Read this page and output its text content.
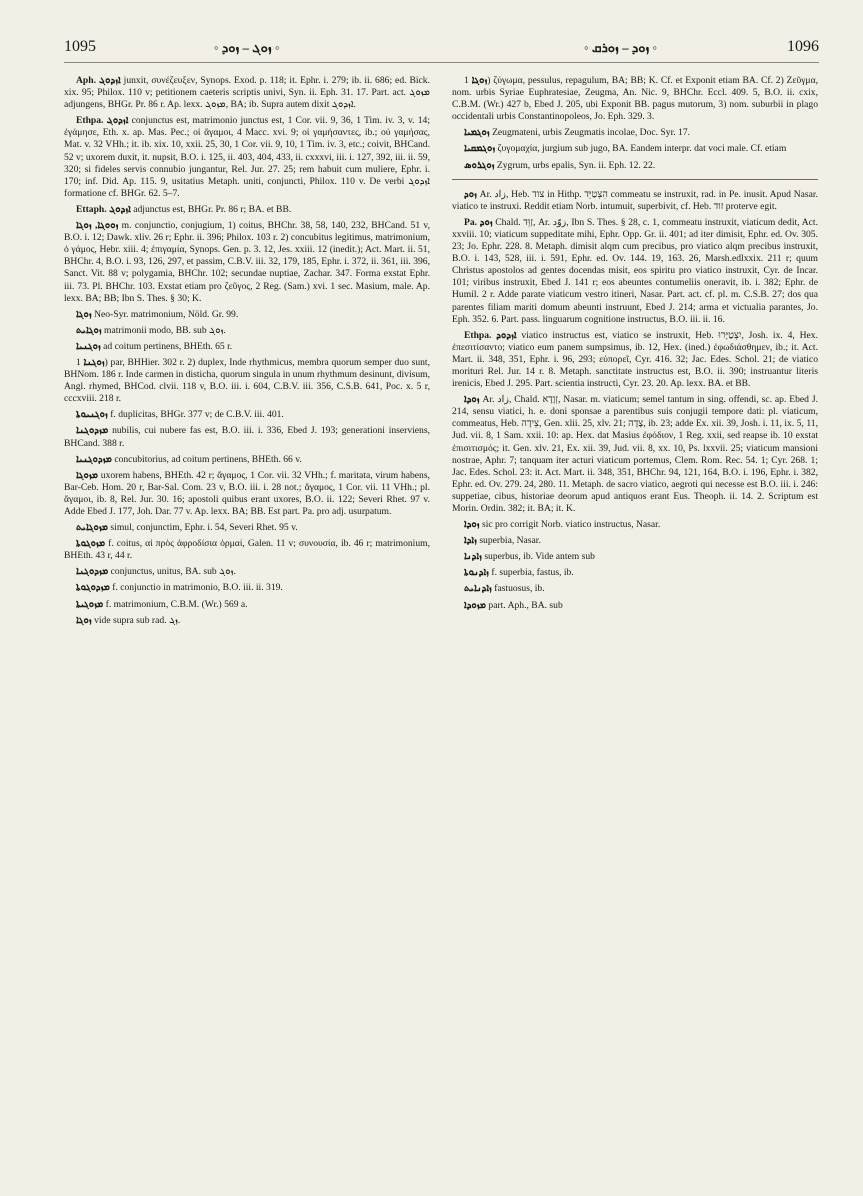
1095	◦ ܙܘܓ – ܙܘܕ ◦	◦ ܙܘܕ – ܙܘܪܩ ◦	1096

Aph. ܐܙܕܘܓ junxit, συνέζευξεν, Synops. Exod. p. 118; it. Ephr. i. 279; ib. ii. 686; ed. Bick. xix. 95; Philox. 110 v; petitionem caeteris scriptis univi, Syn. ii. Eph. 31. 17. Part. act. ܡܙܘܓ adjungens, BHGr. Pr. 86 r. Ap. lexx. ܡܙܘܓ, BA; ib. Supra autem dixit ܐܙܕܘܓ.

Ethpa. ܐܙܕܘܓ conjunctus est, matrimonio junctus est, 1 Cor. vii. 9, 36, 1 Tim. iv. 3, v. 14; ἐγάμησε, Eth. x. ap. Mas. Pec.; οἱ ἄγαμοι, 4 Macc. xvi. 9; οἱ γαμήσαντες, ib.; οὐ γαμήσας, Mat. v. 32 VHh.; it. ib. xix. 10, xxii. 25, 30, 1 Cor. vii. 9, 10, 1 Tim. iv. 3, etc.; coivit, BHCand. 52 v; uxorem duxit, it. nupsit, B.O. i. 125, ii. 403, 404, 433, ii. cxxxvi, iii. i. 127, 392, iii. ii. 59, 320; si fideles servis connubio jungantur, Rel. Jur. 27. 25; rem habuit cum muliere, Ephr. i. 170; inf. Did. Ap. 115. 9, usitatius Metaph. uniti, conjuncti, Philox. 110 v. De verbi ܐܙܕܘܓ formatione cf. BHGr. 62. 5–7.

Ettaph. ܐܙܕܘܓ adjunctus est, BHGr. Pr. 86 r; BA. et BB.

ܙܘܘܓܐ, ܙܘܓܐ m. conjunctio, conjugium, 1) coitus, BHChr. 38, 58, 140, 232, BHCand. 51 v, B.O. i. 12; Dawk. xliv. 26 r; Ephr. ii. 396; Philox. 103 r. 2) concubitus legitimus, matrimonium, ὁ γάμος, Hebr. xiii. 4; ἐπιγαμία, Synops. Gen. p. 3. 12, Jes. xxiii. 12 (inedit.); Act. Mart. ii. 51, BHChr. 4, B.O. i. 93, 126, 297, et passim, C.B.V. iii. 32, 179, 185, Ephr. i. 372, ii. 361, iii. 396, Sanct. Vit. 88 v; polygamia, BHChr. 102; secundae nuptiae, Zachar. 347. Forma exstat Ephr. iii. 73. Pl. BHChr. 103. Exstat etiam pro ζεῦγος, 2 Reg. (Sam.) xvi. 1 sec. Masium, male. Ap. lexx. BA; BB; Ibn S. Thes. § 30; K.

ܙܘܓܐ Neo-Syr. matrimonium, Nöld. Gr. 99.

ܙܘܓܐܝܬ matrimonii modo, BB. sub ܙܘܓ.

ܙܘܓܢܝܐ ad coitum pertinens, BHEth. 65 r.

ܙܘܓܢܐ 1) par, BHHier. 302 r. 2) duplex, Inde rhythmicus, membra quorum semper duo sunt, BHNom. 186 r. Inde carmen in disticha, quorum singula in unum rhythmum desinunt, divisum, Angl. rhymed, BHCod. clvii. 118 v, B.O. iii. i. 604, C.B.V. iii. 356, C.S.B. 641, Poc. x. 5 r, cccxviii. 218 r.

ܙܘܓܢܝܘܬܐ f. duplicitas, BHGr. 377 v; de C.B.V. iii. 401.

ܡܙܕܘܓܢܐ nubilis, cui nubere fas est, B.O. iii. i. 336, Ebed J. 193; generationi inserviens, BHCand. 388 r.

ܡܙܕܘܓܢܝܐ concubitorius, ad coitum pertinens, BHEth. 66 v.

ܡܙܘܓܐ uxorem habens, BHEth. 42 r; ἄγαμος, 1 Cor. vii. 32 VHh.; f. maritata, virum habens, Bar-Ceb. Hom. 20 r, Bar-Sal. Com. 23 v, B.O. iii. i. 28 not.; ἄγαμος, 1 Cor. vii. 11 VHh.; pl. ἄγαμοι, ib. 8, Rel. Jur. 30. 16; apostoli quibus erant uxores, B.O. ii. 122; Severi Rhet. 97 v. Adde Ebed J. 177, Joh. Dar. 77 v. Ap. lexx. BA; BB. Est part. Pa. pro adj. usurpatum.

ܡܙܘܓܐܝܬ simul, conjunctim, Ephr. i. 54, Severi Rhet. 95 v.

ܡܙܘܓܘܬܐ f. coitus, αἱ πρὸς ἀφροδίσια ὁρμαί, Galen. 11 v; συνουσία, ib. 46 r; matrimonium, BHEth. 43 r, 44 r.

ܡܙܕܘܓܢܐ conjunctus, unitus, BA. sub ܙܘܓ.

ܡܙܕܘܓܘܬܐ f. conjunctio in matrimonio, B.O. iii. ii. 319.

ܡܙܘܓܝܬܐ f. matrimonium, C.B.M. (Wr.) 569 a.

ܙܘܓܐ vide supra sub rad. ܙܓ.

ܙܘܓܐ 1) ζύγωμα, pessulus, repagulum, BA; BB; K. Cf. et Exponit etiam BA. Cf. 2) Ζεῦγμα, nom. urbis Syriae Euphratesiae, Zeugma, An. Nic. 9, BHChr. Eccl. 409. 5, B.O. ii. cxix, C.B.M. (Wr.) 427 b, Ebed J. 205, ubi Exponit BB. pagus mutorum, 3) nom. suburbii in plago occidentali urbis Constantinopoleos, Jo. Eph. 329. 3.

ܙܘܓܡܝܐ Zeugmateni, urbis Zeugmatis incolae, Doc. Syr. 17.

ܙܘܓܡܩܝܐ ζυγομαχία, jurgium sub jugo, BA. Eandem interpr. dat voci male. Cf. etiam

ܙܘܓܪܘܣ Zygrum, urbs epalis, Syn. ii. Eph. 12. 22.

ܙܘܕ Ar. زاد, Heb. צוד in Hithp. הִצְטַיֵּד commeatu se instruxit, rad. in Pe. inusit. Apud Nasar. viatico te instruxi. Reddit etiam Norb. intumuit, superbivit, cf. Heb. זוד proterve egit.

Pa. ܙܘܕ Chald. זַוֵּד, Ar. زوّد, Ibn S. Thes. § 28, c. 1, commeatu instruxit, viaticum dedit, Act. xxviii. 10; viaticum suppeditate mihi, Ephr. Opp. Gr. ii. 401; ad iter dimisit, Ephr. ed. Ov. 305. 23; Jo. Ephr. 228. 8. Metaph. dimisit alqm cum precibus, pro viatico alqm precibus instruxit, B.O. i. 143, 528, iii. i. 591, Ephr. ed. Ov. 144. 19, 163. 26, Marsh.edlxxix. 211 r; quum Christus apostolos ad gentes docendas misit, eos spiritu pro viatico instruxit, Cyr. de Incar. 101; viribus instruxit, Ebed J. 141 r; eos abeuntes contumeliis oneravit, ib. i. 382; Ephr. de Humil. 2 r. Adde parate viaticum vestro itineri, Nasar. Part. act. cf. pl. m. C.S.B. 27; dos qua parentes filiam mariti domum abeunti instruunt, Ebed J. 214; arma et victualia parantes, Jo. Eph. 352. 6. Part. pass. linguarum cognitione instructus, B.O. iii. ii. 16.

Ethpa. ܐܙܕܘܕ viatico instructus est, viatico se instruxit, Heb. יִצְטַיָּרוּ, Josh. ix. 4, Hex. ἐπεσιτίσαντο; viatico eum panem sumpsimus, ib. 12, Hex. (ined.) ἐφωδιάσθημεν, ib.; it. Act. Mart. ii. 348, 351, Ephr. i. 96, 293; εὐπορεῖ, Cyr. 416. 32; Jac. Edes. Schol. 21; de viatico morituri Rel. Jur. 14 r. 8. Metaph. sanctitate instructus est, B.O. ii. 390; instruantur literis irenicis, Ebed J. 295. Part. scientia instructi, Cyr. 23. 20. Ap. lexx. BA. et BB.

ܙܘܕܐ Ar. زاد, Chald. זְוָדָא, Nasar. m. viaticum; semel tantum in sing. offendi, sc. ap. Ebed J. 214, sensu viatici, h. e. doni sponsae a parentibus suis conjugii tempore dati: pl. viaticum, commeatus, Heb. צֵידָה, Gen. xlii. 25, xlv. 21; צָדָה, ib. 23; adde Ex. xii. 39, Josh. i. 11, ix. 5, 11, Jud. vii. 8, 1 Sam. xxii. 10: ap. Hex. dat Masius ἐφόδιον, 1 Reg. xxii, sed reapse ib. 10 exstat ἐπισιτισμός; it. Gen. xlv. 21, Ex. xii. 39, Jud. vii. 8, xx. 10, Ps. lxxvii. 25; viaticum mansioni nostrae, Aphr. 7; tanquam iter acturi viaticum portemus, Clem. Rom. Rec. 54. 1; Cyr. 268. 1; Jac. Edes. Schol. 23: it. Act. Mart. ii. 348, 351, BHChr. 94, 121, 164, B.O. i. 196, Ephr. i. 382, Ephr. ed. Ov. 279. 24, 280. 11. Metaph. de sacro viatico, aegroti qui necesse est B.O. iii. i. 246: suppetiae, cibus, historiae deorum apud antiquos erant Eus. Theoph. ii. 14. 2. Scriptum est Morin. Ordin. 382; it. BA; it. K.

ܙܘܕܐ sic pro corrigit Norb. viatico instructus, Nasar.

ܙܐܕܐ superbia, Nasar.

ܙܐܕܢܐ superbus, ib. Vide antem sub

ܙܐܕܢܘܬܐ f. superbia, fastus, ib.

ܙܐܕܢܐܝܬ fastuosus, ib.

ܡܙܘܕܐ part. Aph., BA. sub
